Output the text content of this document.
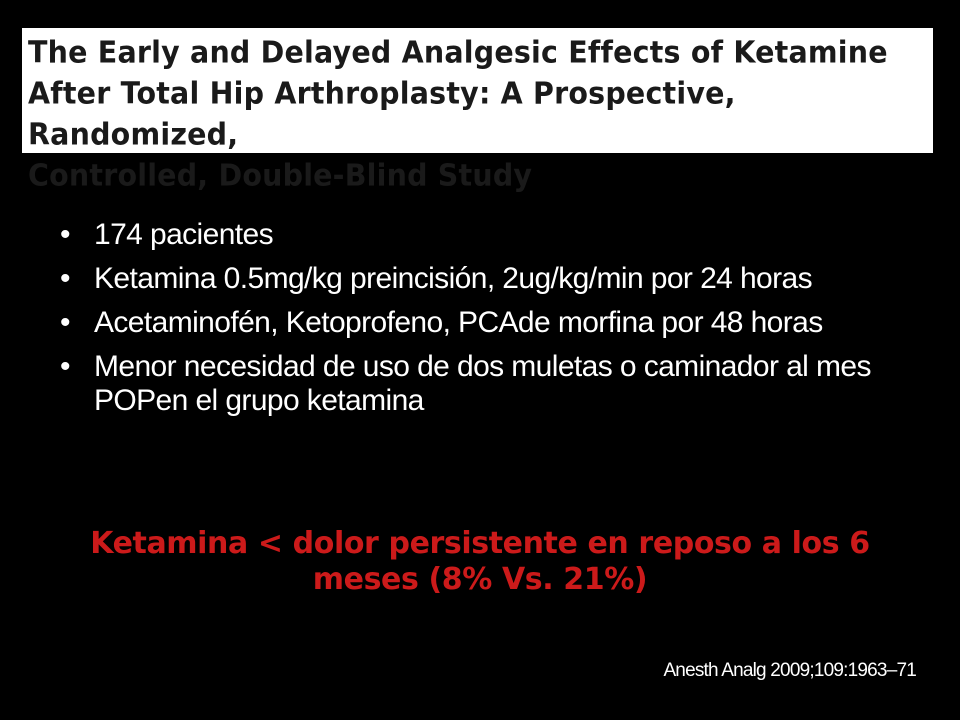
The Early and Delayed Analgesic Effects of Ketamine
After Total Hip Arthroplasty: A Prospective, Randomized,
Controlled, Double-Blind Study
• 174 pacientes
• Ketamina 0.5mg/kg preincisión, 2ug/kg/min por 24 horas
• Acetaminofén, Ketoprofeno, PCAde morfina por 48 horas
• Menor necesidad de uso de dos muletas o caminador al mes POPen el grupo ketamina
Ketamina < dolor persistente en reposo a los 6 meses (8% Vs. 21%)
Anesth Analg 2009;109:1963–71
